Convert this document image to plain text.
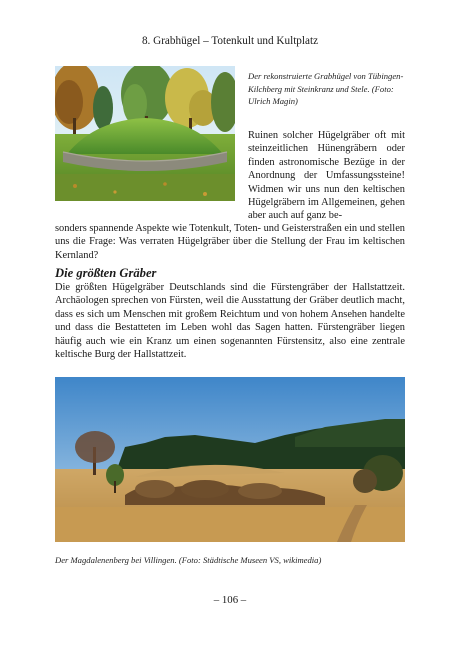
8. Grabhügel – Totenkult und Kultplatz
Der rekonstruierte Grabhügel von Tübingen-Kilchberg mit Steinkranz und Stele. (Foto: Ulrich Magin)
Ruinen solcher Hügelgräber oft mit steinzeitlichen Hünengräbern oder finden astronomische Bezüge in der Anordnung der Umfassungssteine! Widmen wir uns nun den keltischen Hügelgräbern im Allgemeinen, gehen aber auch auf ganz be-
sonders spannende Aspekte wie Totenkult, Toten- und Geisterstraßen ein und stellen uns die Frage: Was verraten Hügelgräber über die Stellung der Frau im keltischen Kernland?
Die größten Gräber
Die größten Hügelgräber Deutschlands sind die Fürstengräber der Hallstattzeit. Archäologen sprechen von Fürsten, weil die Ausstattung der Gräber deutlich macht, dass es sich um Menschen mit großem Reichtum und von hohem Ansehen handelte und dass die Bestatteten im Leben wohl das Sagen hatten. Fürstengräber liegen häufig auch wie ein Kranz um einen sogenannten Fürstensitz, also eine zentrale keltische Burg der Hallstattzeit.
Der Magdalenenberg bei Villingen. (Foto: Städtische Museen VS, wikimedia)
– 106 –
